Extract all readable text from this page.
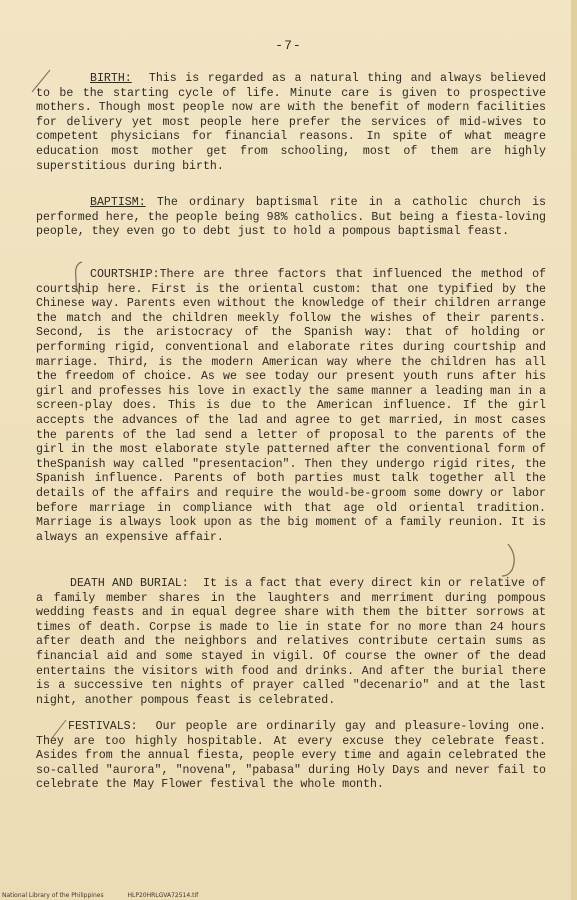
-7-

BIRTH: This is regarded as a natural thing and always believed to be the starting cycle of life. Minute care is given to prospective mothers. Though most people now are with the benefit of modern facilities for delivery yet most people here prefer the services of mid-wives to competent physicians for financial reasons. In spite of what meagre education most mother get from schooling, most of them are highly superstitious during birth.

BAPTISM: The ordinary baptismal rite in a catholic church is performed here, the people being 98% catholics. But being a fiesta-loving people, they even go to debt just to hold a pompous baptismal feast.

COURTSHIP:There are three factors that influenced the method of courtship here. First is the oriental custom: that one typified by the Chinese way. Parents even without the knowledge of their children arrange the match and the children meekly follow the wishes of their parents. Second, is the aristocracy of the Spanish way: that of holding or performing rigid, conventional and elaborate rites during courtship and marriage. Third, is the modern American way where the children has all the freedom of choice. As we see today our present youth runs after his girl and professes his love in exactly the same manner a leading man in a screen-play does. This is due to the American influence. If the girl accepts the advances of the lad and agree to get married, in most cases the parents of the lad send a letter of proposal to the parents of the girl in the most elaborate style patterned after the conventional form of theSpanish way called "presentacion". Then they undergo rigid rites, the Spanish influence. Parents of both parties must talk together all the details of the affairs and require the would-be-groom some dowry or labor before marriage in compliance with that age old oriental tradition. Marriage is always look upon as the big moment of a family reunion. It is always an expensive affair.

DEATH AND BURIAL: It is a fact that every direct kin or relative of a family member shares in the laughters and merriment during pompous wedding feasts and in equal degree share with them the bitter sorrows at times of death. Corpse is made to lie in state for no more than 24 hours after death and the neighbors and relatives contribute certain sums as financial aid and some stayed in vigil. Of course the owner of the dead entertains the visitors with food and drinks. And after the burial there is a successive ten nights of prayer called "decenario" and at the last night, another pompous feast is celebrated.

FESTIVALS: Our people are ordinarily gay and pleasure-loving one. They are too highly hospitable. At every excuse they celebrate feast. Asides from the annual fiesta, people every time and again celebrated the so-called "aurora", "novena", "pabasa" during Holy Days and never fail to celebrate the May Flower festival the whole month.

National Library of the Philippines	HLP20HRLGVA72514.tif
